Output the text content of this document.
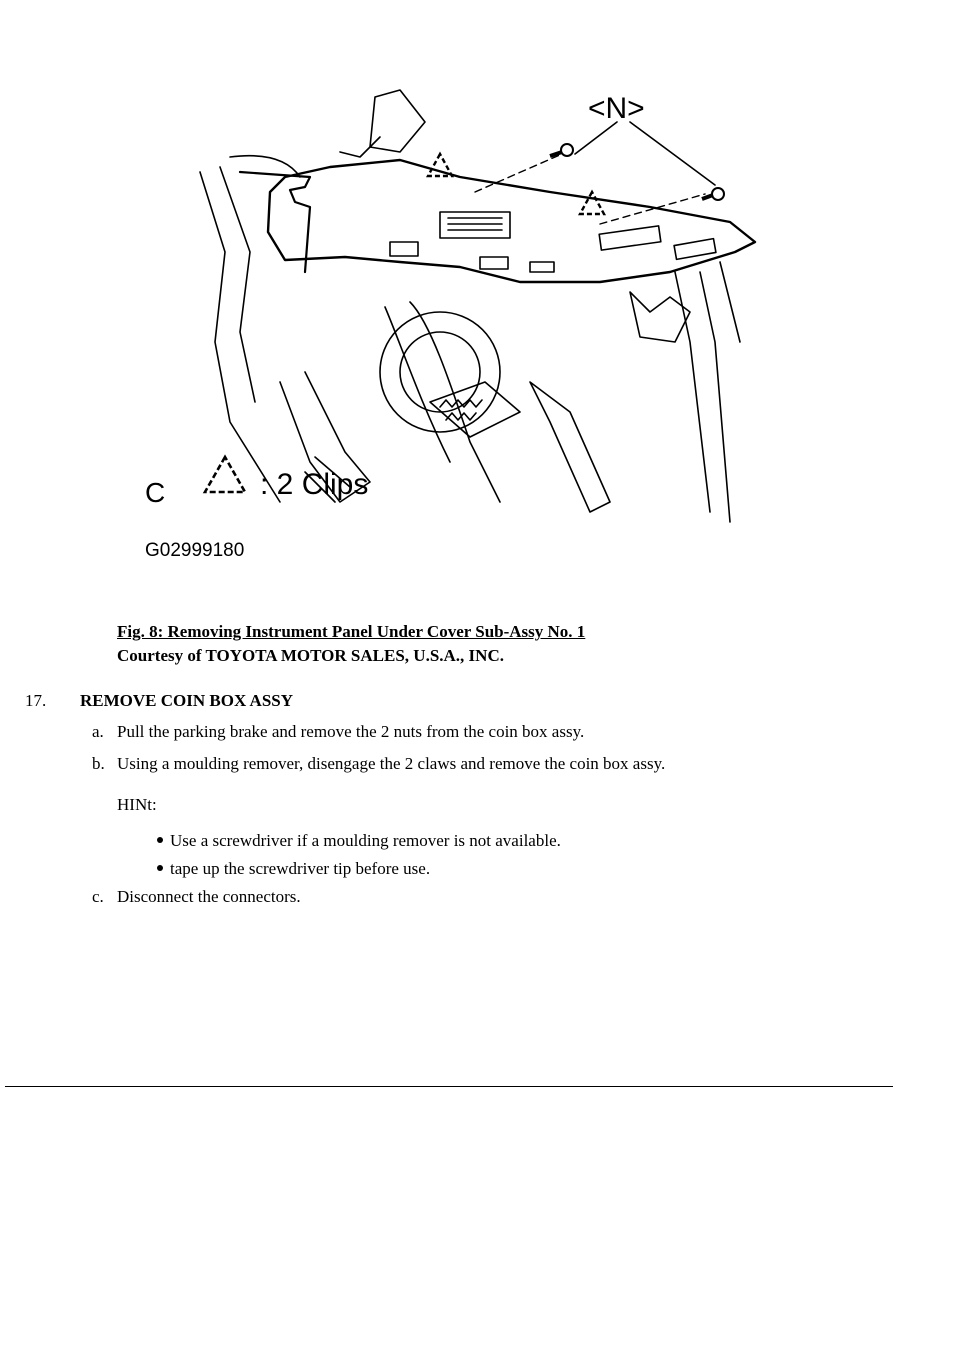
<N>
C	: 2 Clips
G02999180
Fig. 8: Removing Instrument Panel Under Cover Sub-Assy No. 1
Courtesy of TOYOTA MOTOR SALES, U.S.A., INC.
17. REMOVE COIN BOX ASSY
a. Pull the parking brake and remove the 2 nuts from the coin box assy.
b. Using a moulding remover, disengage the 2 claws and remove the coin box assy.
HINt:
Use a screwdriver if a moulding remover is not available.
tape up the screwdriver tip before use.
c. Disconnect the connectors.
